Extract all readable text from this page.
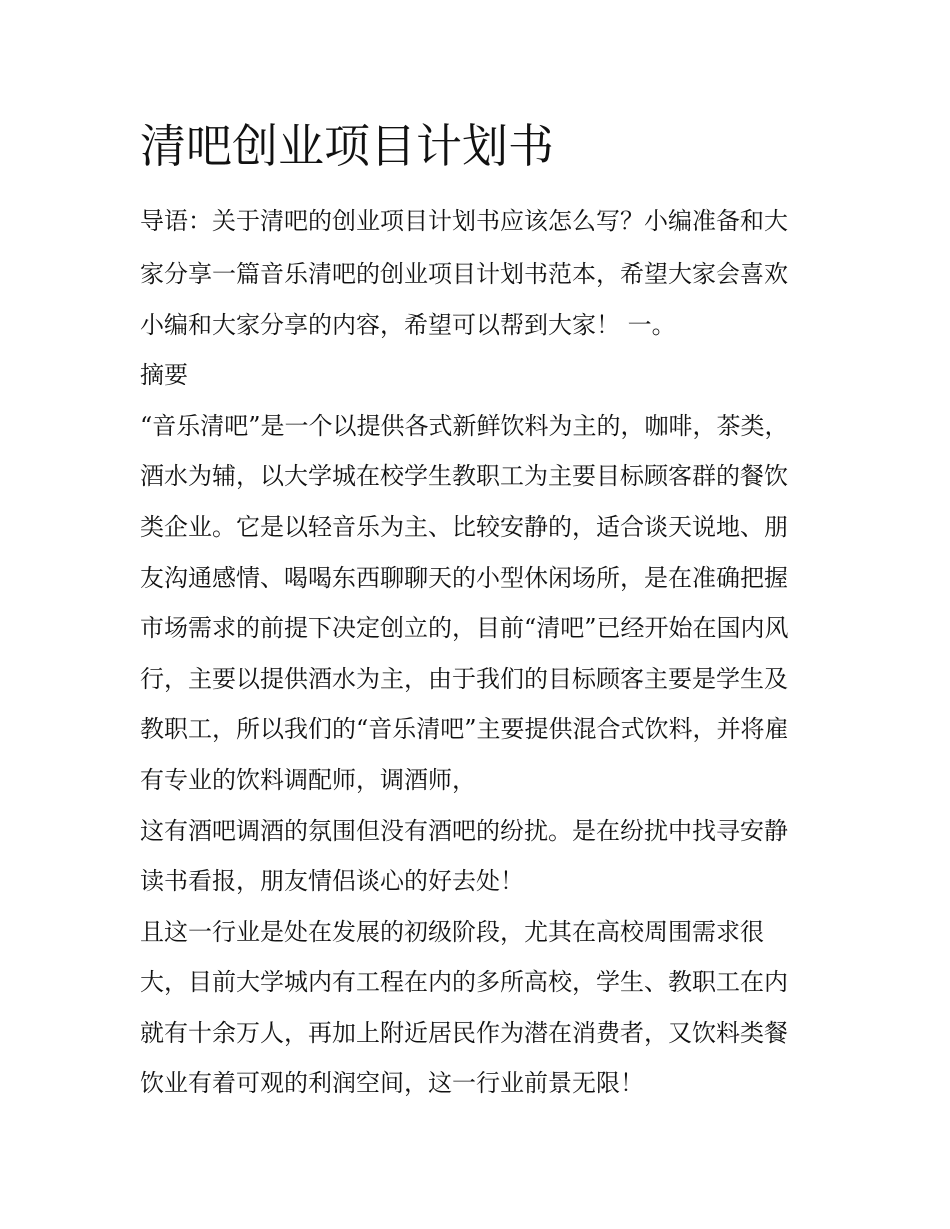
清吧创业项目计划书

导语：关于清吧的创业项目计划书应该怎么写？小编准备和大

家分享一篇音乐清吧的创业项目计划书范本，希望大家会喜欢

小编和大家分享的内容，希望可以帮到大家！ 一。

摘要

“音乐清吧”是一个以提供各式新鲜饮料为主的，咖啡，茶类，

酒水为辅，以大学城在校学生教职工为主要目标顾客群的餐饮

类企业。它是以轻音乐为主、比较安静的，适合谈天说地、朋

友沟通感情、喝喝东西聊聊天的小型休闲场所，是在准确把握

市场需求的前提下决定创立的，目前“清吧”已经开始在国内风

行，主要以提供酒水为主，由于我们的目标顾客主要是学生及

教职工，所以我们的“音乐清吧”主要提供混合式饮料，并将雇

有专业的饮料调配师，调酒师，

这有酒吧调酒的氛围但没有酒吧的纷扰。是在纷扰中找寻安静

读书看报，朋友情侣谈心的好去处！

且这一行业是处在发展的初级阶段，尤其在高校周围需求很

大，目前大学城内有工程在内的多所高校，学生、教职工在内

就有十余万人，再加上附近居民作为潜在消费者，又饮料类餐

饮业有着可观的利润空间，这一行业前景无限！
